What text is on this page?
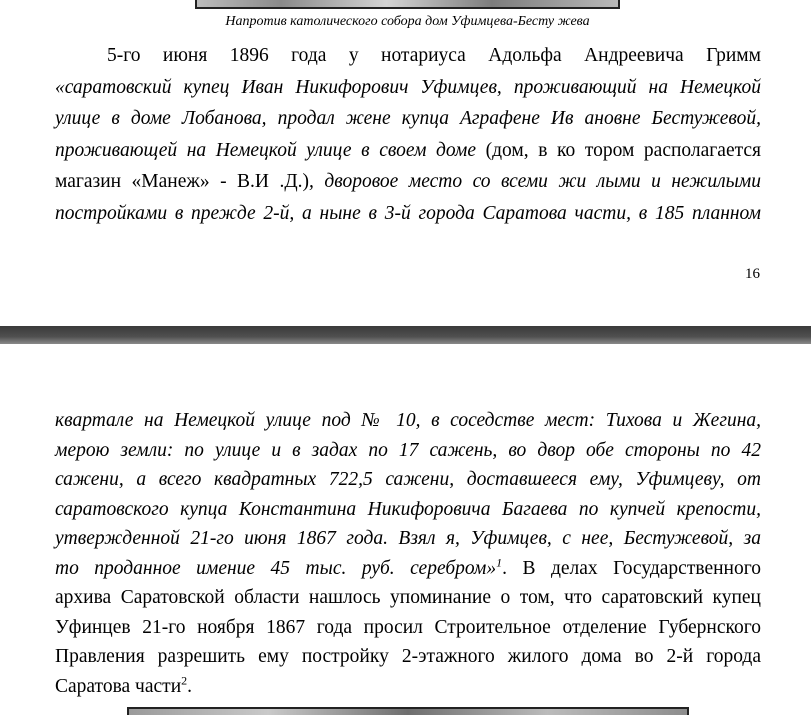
Напротив католического собора дом Уфимцева-Бесту жева
5-го июня 1896 года у нотариуса Адольфа Андреевича Гримм
«саратовский купец Иван Никифорович Уфимцев, проживающий на Немецкой
улице в доме Лобанова, продал жене купца Аграфене Ив ановне Бестужевой,
проживающей на Немецкой улице в своем доме (дом, в ко тором располагается
магазин «Манеж» - В.И .Д.), дворовое место со всеми жи лыми и нежилыми
постройками в прежде 2-й, а ныне в 3-й города Саратова части, в 185 планном
16
квартале на Немецкой улице под № 10, в соседстве мест: Тихова и Жегина,
мерою земли: по улице и в задах по 17 сажень, во двор обе стороны по 42
сажени, а всего квадратных 722,5 сажени, доставшееся ему, Уфимцеву, от
саратовского купца Константина Никифоровича Багаева по купчей крепости,
утвержденной 21-го июня 1867 года. Взял я, Уфимцев, с нее, Бестужевой, за
то проданное имение 45 тыс. руб. серебром»$^1$. В делах Государственного
архива Саратовской области нашлось упоминание о том, что саратовский купец
Уфинцев 21-го ноября 1867 года просил Строительное отделение Губернского
Правления разрешить ему постройку 2-этажного жилого дома во 2-й города
Саратова части$^2$.
